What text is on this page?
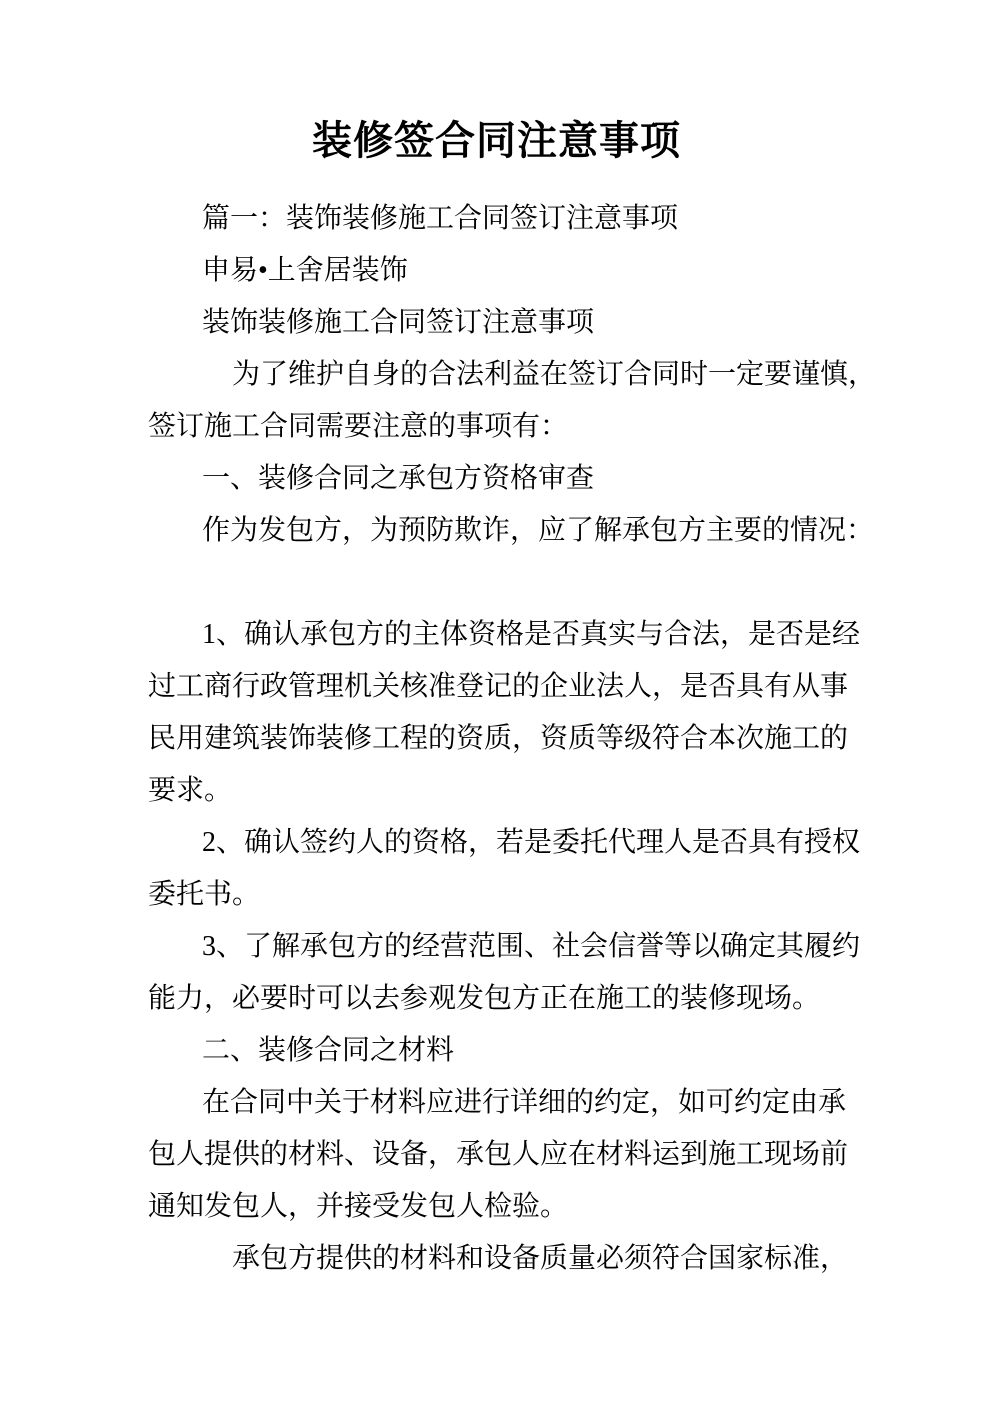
装修签合同注意事项
篇一：装饰装修施工合同签订注意事项
申易•上舍居装饰
装饰装修施工合同签订注意事项
为了维护自身的合法利益在签订合同时一定要谨慎，
签订施工合同需要注意的事项有：
一、装修合同之承包方资格审查
作为发包方，为预防欺诈，应了解承包方主要的情况：
1、确认承包方的主体资格是否真实与合法，是否是经
过工商行政管理机关核准登记的企业法人，是否具有从事
民用建筑装饰装修工程的资质，资质等级符合本次施工的
要求。
2、确认签约人的资格，若是委托代理人是否具有授权
委托书。
3、了解承包方的经营范围、社会信誉等以确定其履约
能力，必要时可以去参观发包方正在施工的装修现场。
二、装修合同之材料
在合同中关于材料应进行详细的约定，如可约定由承
包人提供的材料、设备，承包人应在材料运到施工现场前
通知发包人，并接受发包人检验。
承包方提供的材料和设备质量必须符合国家标准，
